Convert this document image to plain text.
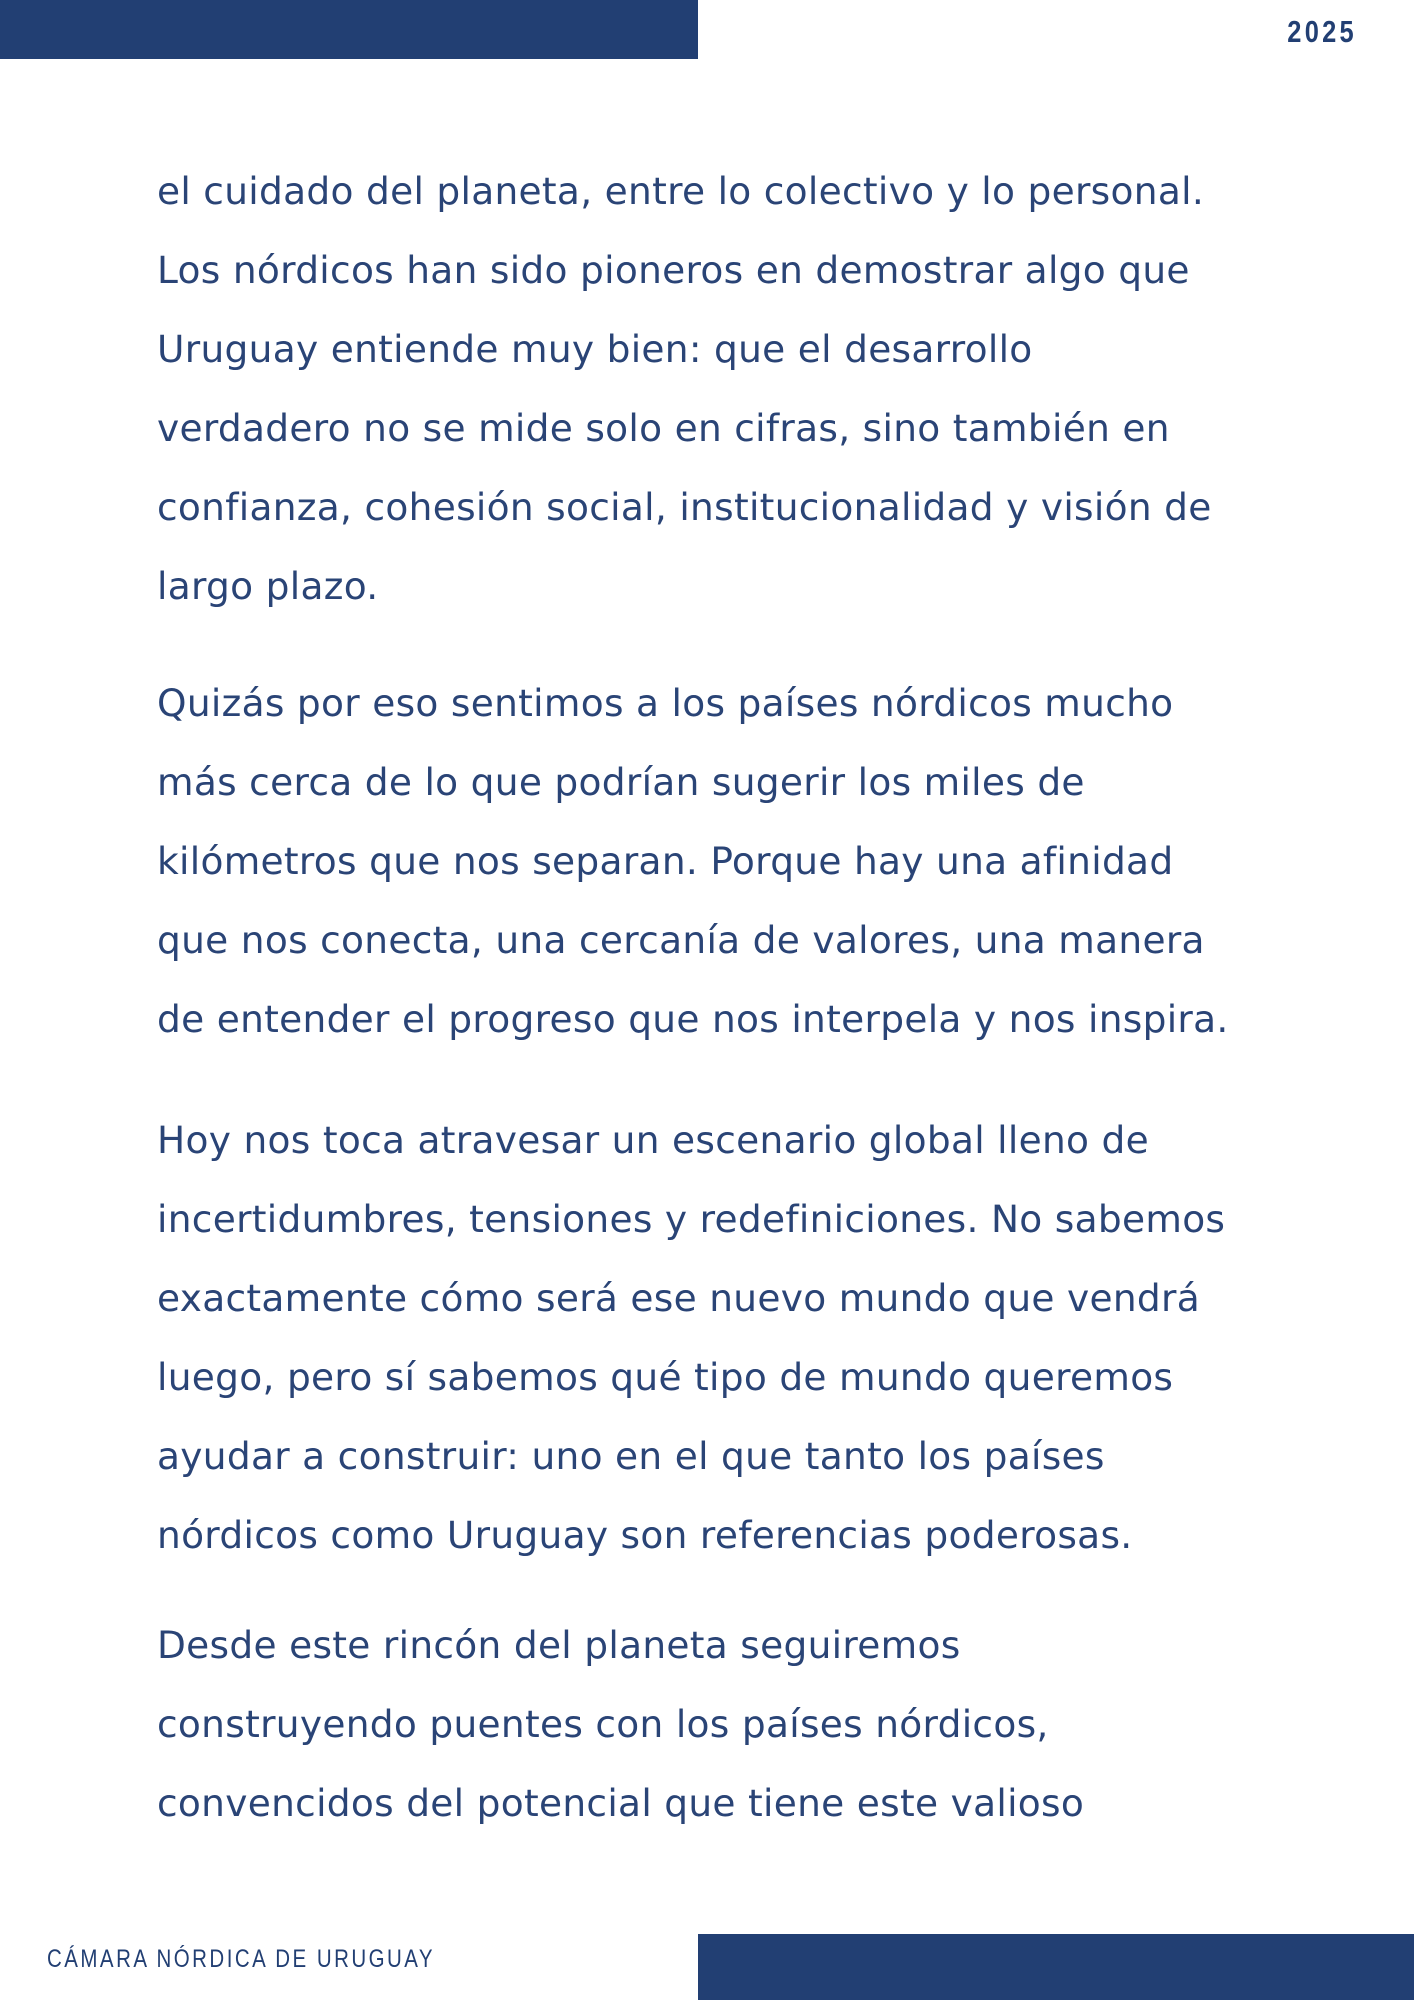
2025

el cuidado del planeta, entre lo colectivo y lo personal.
Los nórdicos han sido pioneros en demostrar algo que
Uruguay entiende muy bien: que el desarrollo
verdadero no se mide solo en cifras, sino también en
confianza, cohesión social, institucionalidad y visión de
largo plazo.

Quizás por eso sentimos a los países nórdicos mucho
más cerca de lo que podrían sugerir los miles de
kilómetros que nos separan. Porque hay una afinidad
que nos conecta, una cercanía de valores, una manera
de entender el progreso que nos interpela y nos inspira.

Hoy nos toca atravesar un escenario global lleno de
incertidumbres, tensiones y redefiniciones. No sabemos
exactamente cómo será ese nuevo mundo que vendrá
luego, pero sí sabemos qué tipo de mundo queremos
ayudar a construir: uno en el que tanto los países
nórdicos como Uruguay son referencias poderosas.

Desde este rincón del planeta seguiremos
construyendo puentes con los países nórdicos,
convencidos del potencial que tiene este valioso

CÁMARA NÓRDICA DE URUGUAY
